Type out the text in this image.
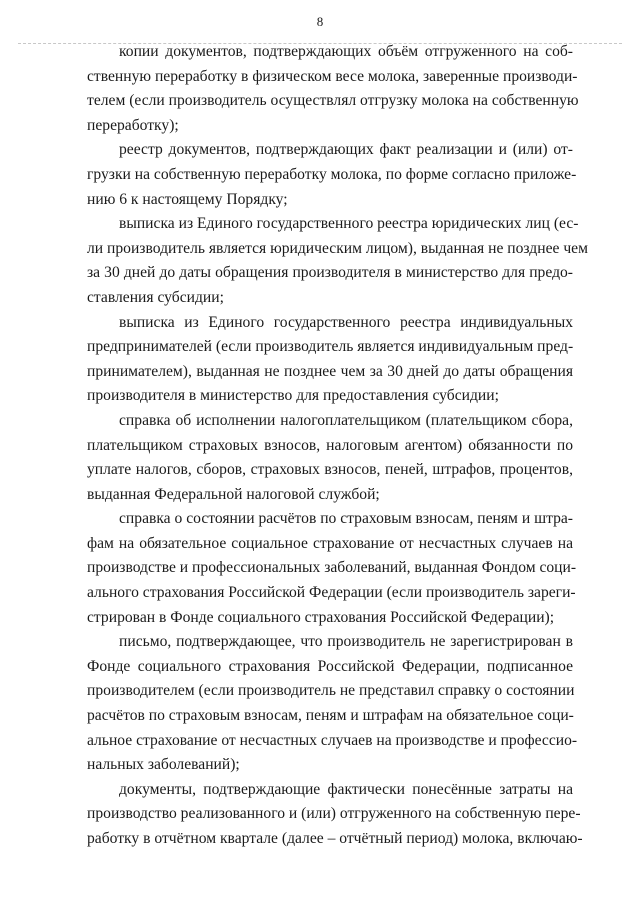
8
копии документов, подтверждающих объём отгруженного на соб-
ственную переработку в физическом весе молока, заверенные производи-
телем (если производитель осуществлял отгрузку молока на собственную
переработку);
реестр документов, подтверждающих факт реализации и (или) от-
грузки на собственную переработку молока, по форме согласно приложе-
нию 6 к настоящему Порядку;
выписка из Единого государственного реестра юридических лиц (ес-
ли производитель является юридическим лицом), выданная не позднее чем
за 30 дней до даты обращения производителя в министерство для предо-
ставления субсидии;
выписка из Единого государственного реестра индивидуальных
предпринимателей (если производитель является индивидуальным пред-
принимателем), выданная не позднее чем за 30 дней до даты обращения
производителя в министерство для предоставления субсидии;
справка об исполнении налогоплательщиком (плательщиком сбора,
плательщиком страховых взносов, налоговым агентом) обязанности по
уплате налогов, сборов, страховых взносов, пеней, штрафов, процентов,
выданная Федеральной налоговой службой;
справка о состоянии расчётов по страховым взносам, пеням и штра-
фам на обязательное социальное страхование от несчастных случаев на
производстве и профессиональных заболеваний, выданная Фондом соци-
ального страхования Российской Федерации (если производитель зареги-
стрирован в Фонде социального страхования Российской Федерации);
письмо, подтверждающее, что производитель не зарегистрирован в
Фонде социального страхования Российской Федерации, подписанное
производителем (если производитель не представил справку о состоянии
расчётов по страховым взносам, пеням и штрафам на обязательное соци-
альное страхование от несчастных случаев на производстве и профессио-
нальных заболеваний);
документы, подтверждающие фактически понесённые затраты на
производство реализованного и (или) отгруженного на собственную пере-
работку в отчётном квартале (далее – отчётный период) молока, включаю-
